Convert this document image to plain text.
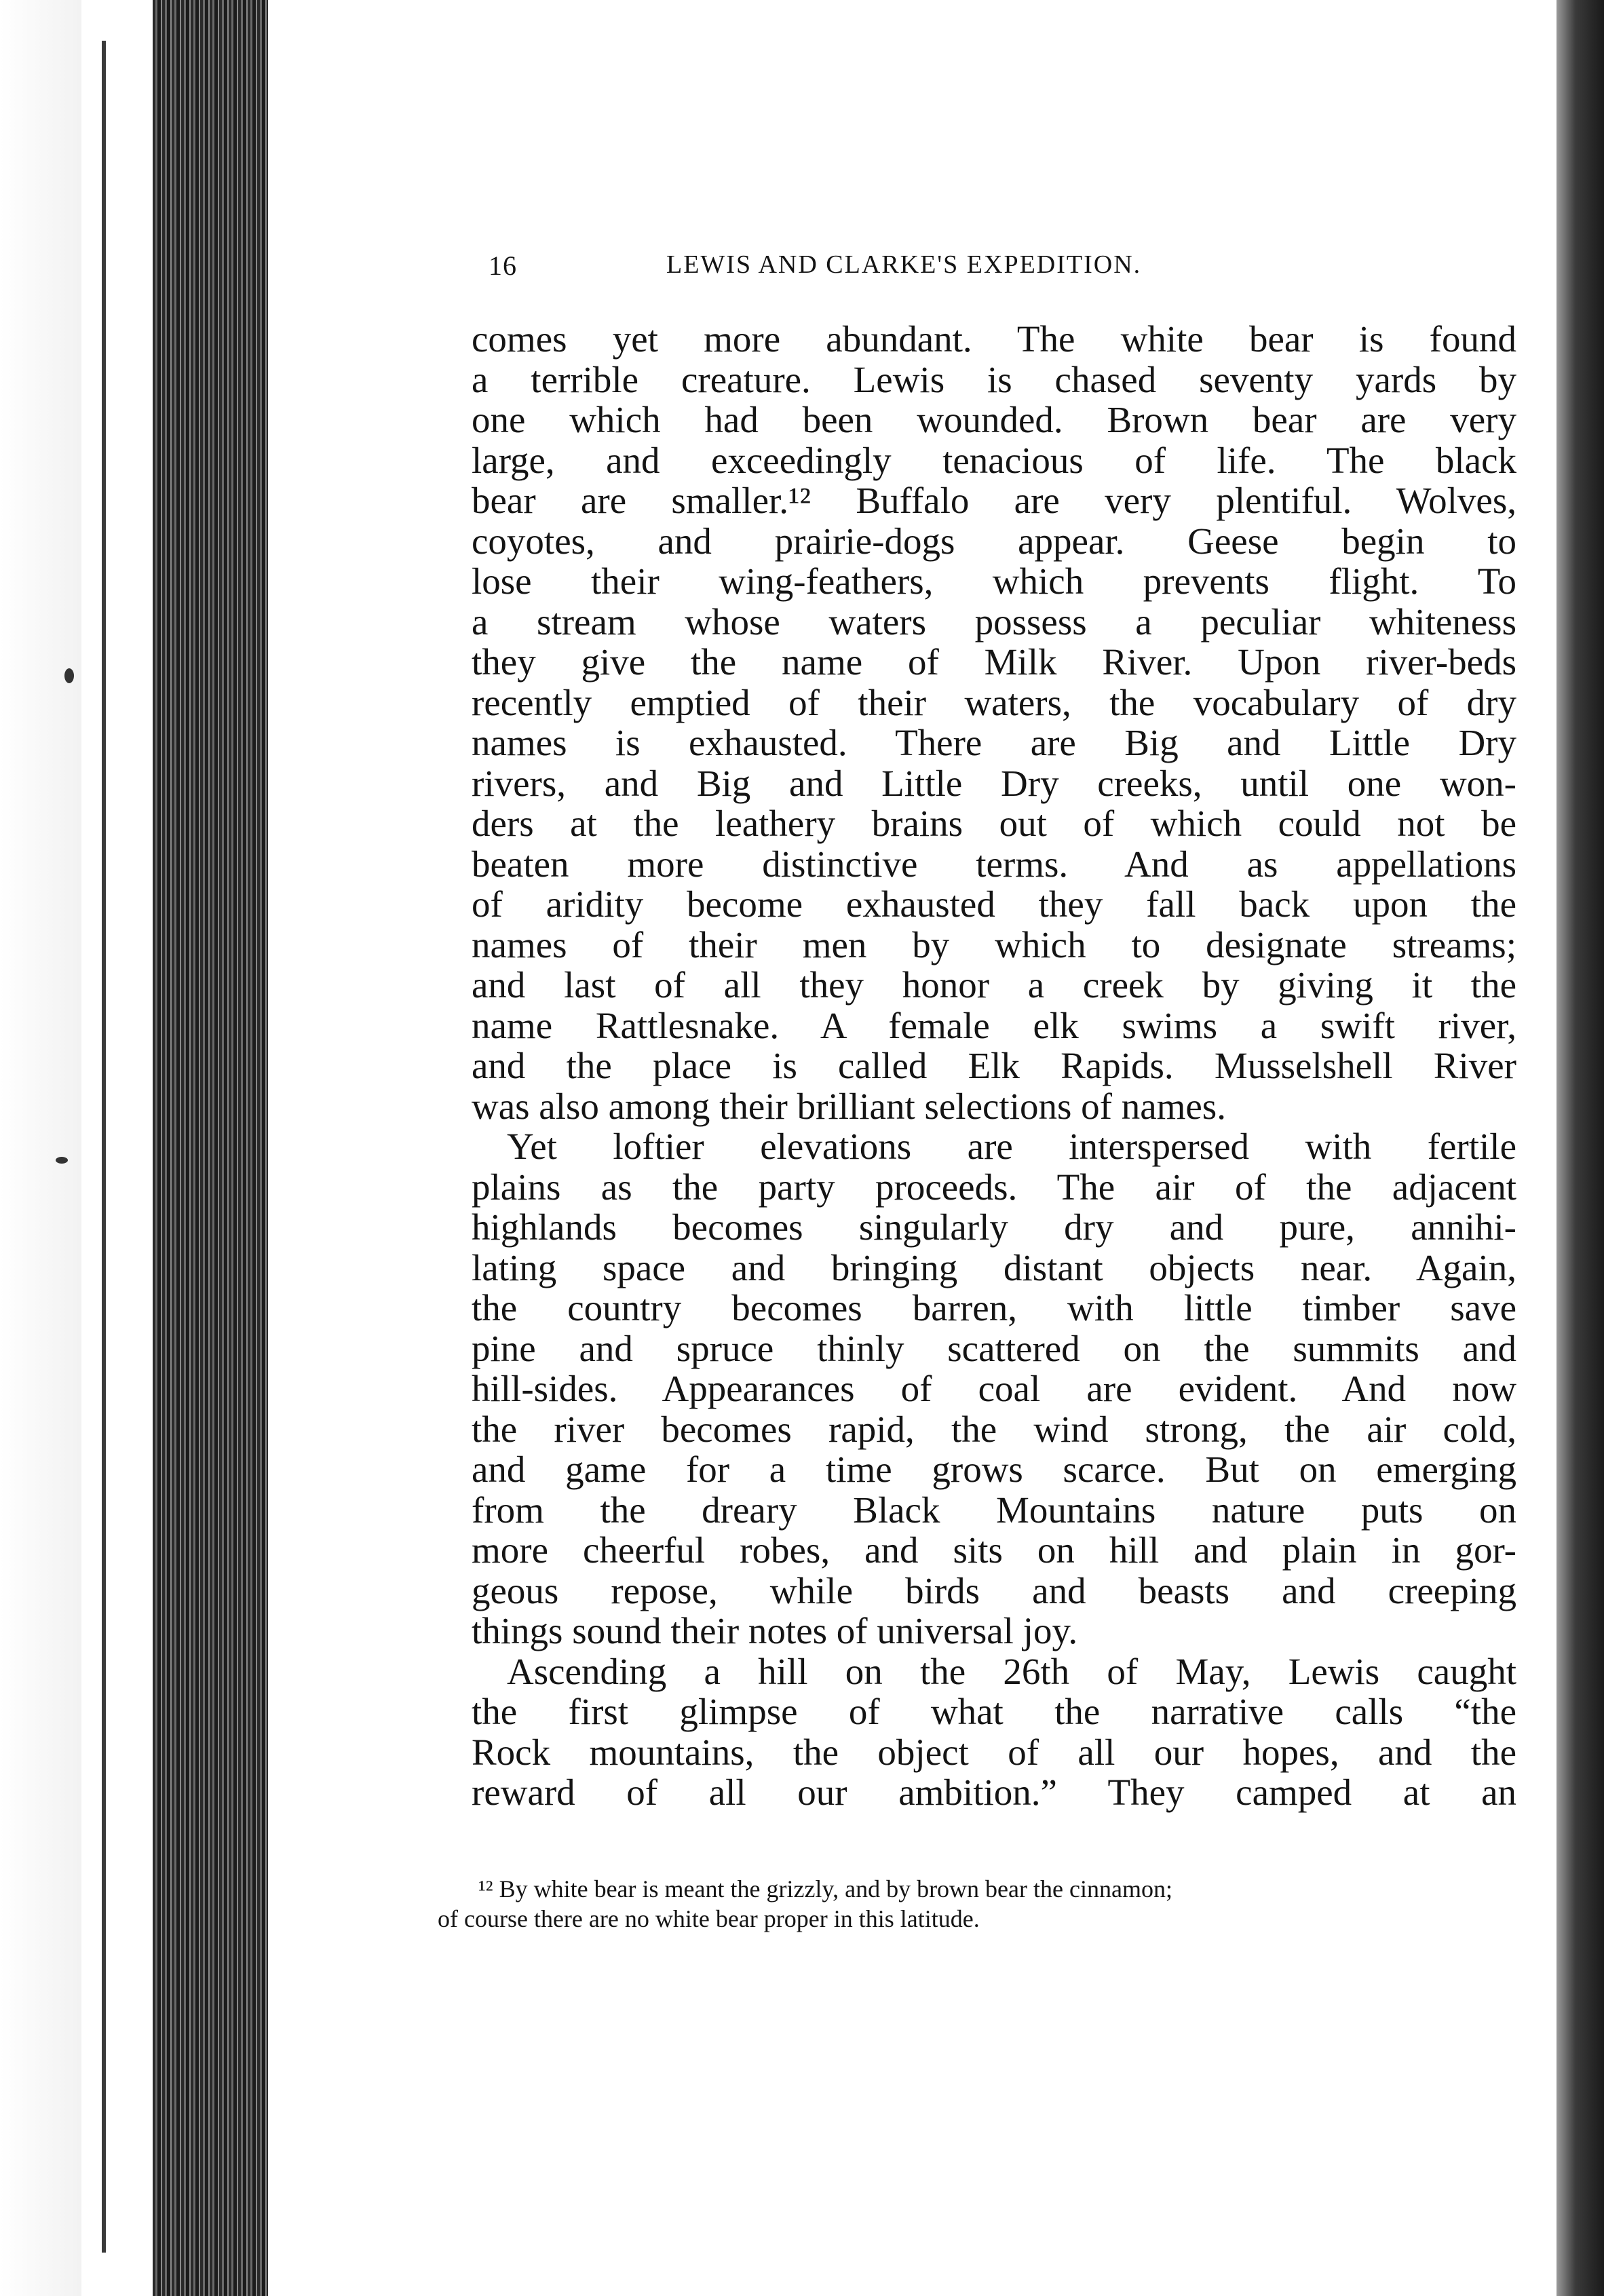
16	LEWIS AND CLARKE'S EXPEDITION.
comes yet more abundant. The white bear is found
a terrible creature. Lewis is chased seventy yards by
one which had been wounded. Brown bear are very
large, and exceedingly tenacious of life. The black
bear are smaller.¹² Buffalo are very plentiful. Wolves,
coyotes, and prairie-dogs appear. Geese begin to
lose their wing-feathers, which prevents flight. To
a stream whose waters possess a peculiar whiteness
they give the name of Milk River. Upon river-beds
recently emptied of their waters, the vocabulary of dry
names is exhausted. There are Big and Little Dry
rivers, and Big and Little Dry creeks, until one won-
ders at the leathery brains out of which could not be
beaten more distinctive terms. And as appellations
of aridity become exhausted they fall back upon the
names of their men by which to designate streams;
and last of all they honor a creek by giving it the
name Rattlesnake. A female elk swims a swift river,
and the place is called Elk Rapids. Musselshell River
was also among their brilliant selections of names.
Yet loftier elevations are interspersed with fertile
plains as the party proceeds. The air of the adjacent
highlands becomes singularly dry and pure, annihi-
lating space and bringing distant objects near. Again,
the country becomes barren, with little timber save
pine and spruce thinly scattered on the summits and
hill-sides. Appearances of coal are evident. And now
the river becomes rapid, the wind strong, the air cold,
and game for a time grows scarce. But on emerging
from the dreary Black Mountains nature puts on
more cheerful robes, and sits on hill and plain in gor-
geous repose, while birds and beasts and creeping
things sound their notes of universal joy.
Ascending a hill on the 26th of May, Lewis caught
the first glimpse of what the narrative calls “the
Rock mountains, the object of all our hopes, and the
reward of all our ambition.” They camped at an
¹² By white bear is meant the grizzly, and by brown bear the cinnamon;
of course there are no white bear proper in this latitude.
